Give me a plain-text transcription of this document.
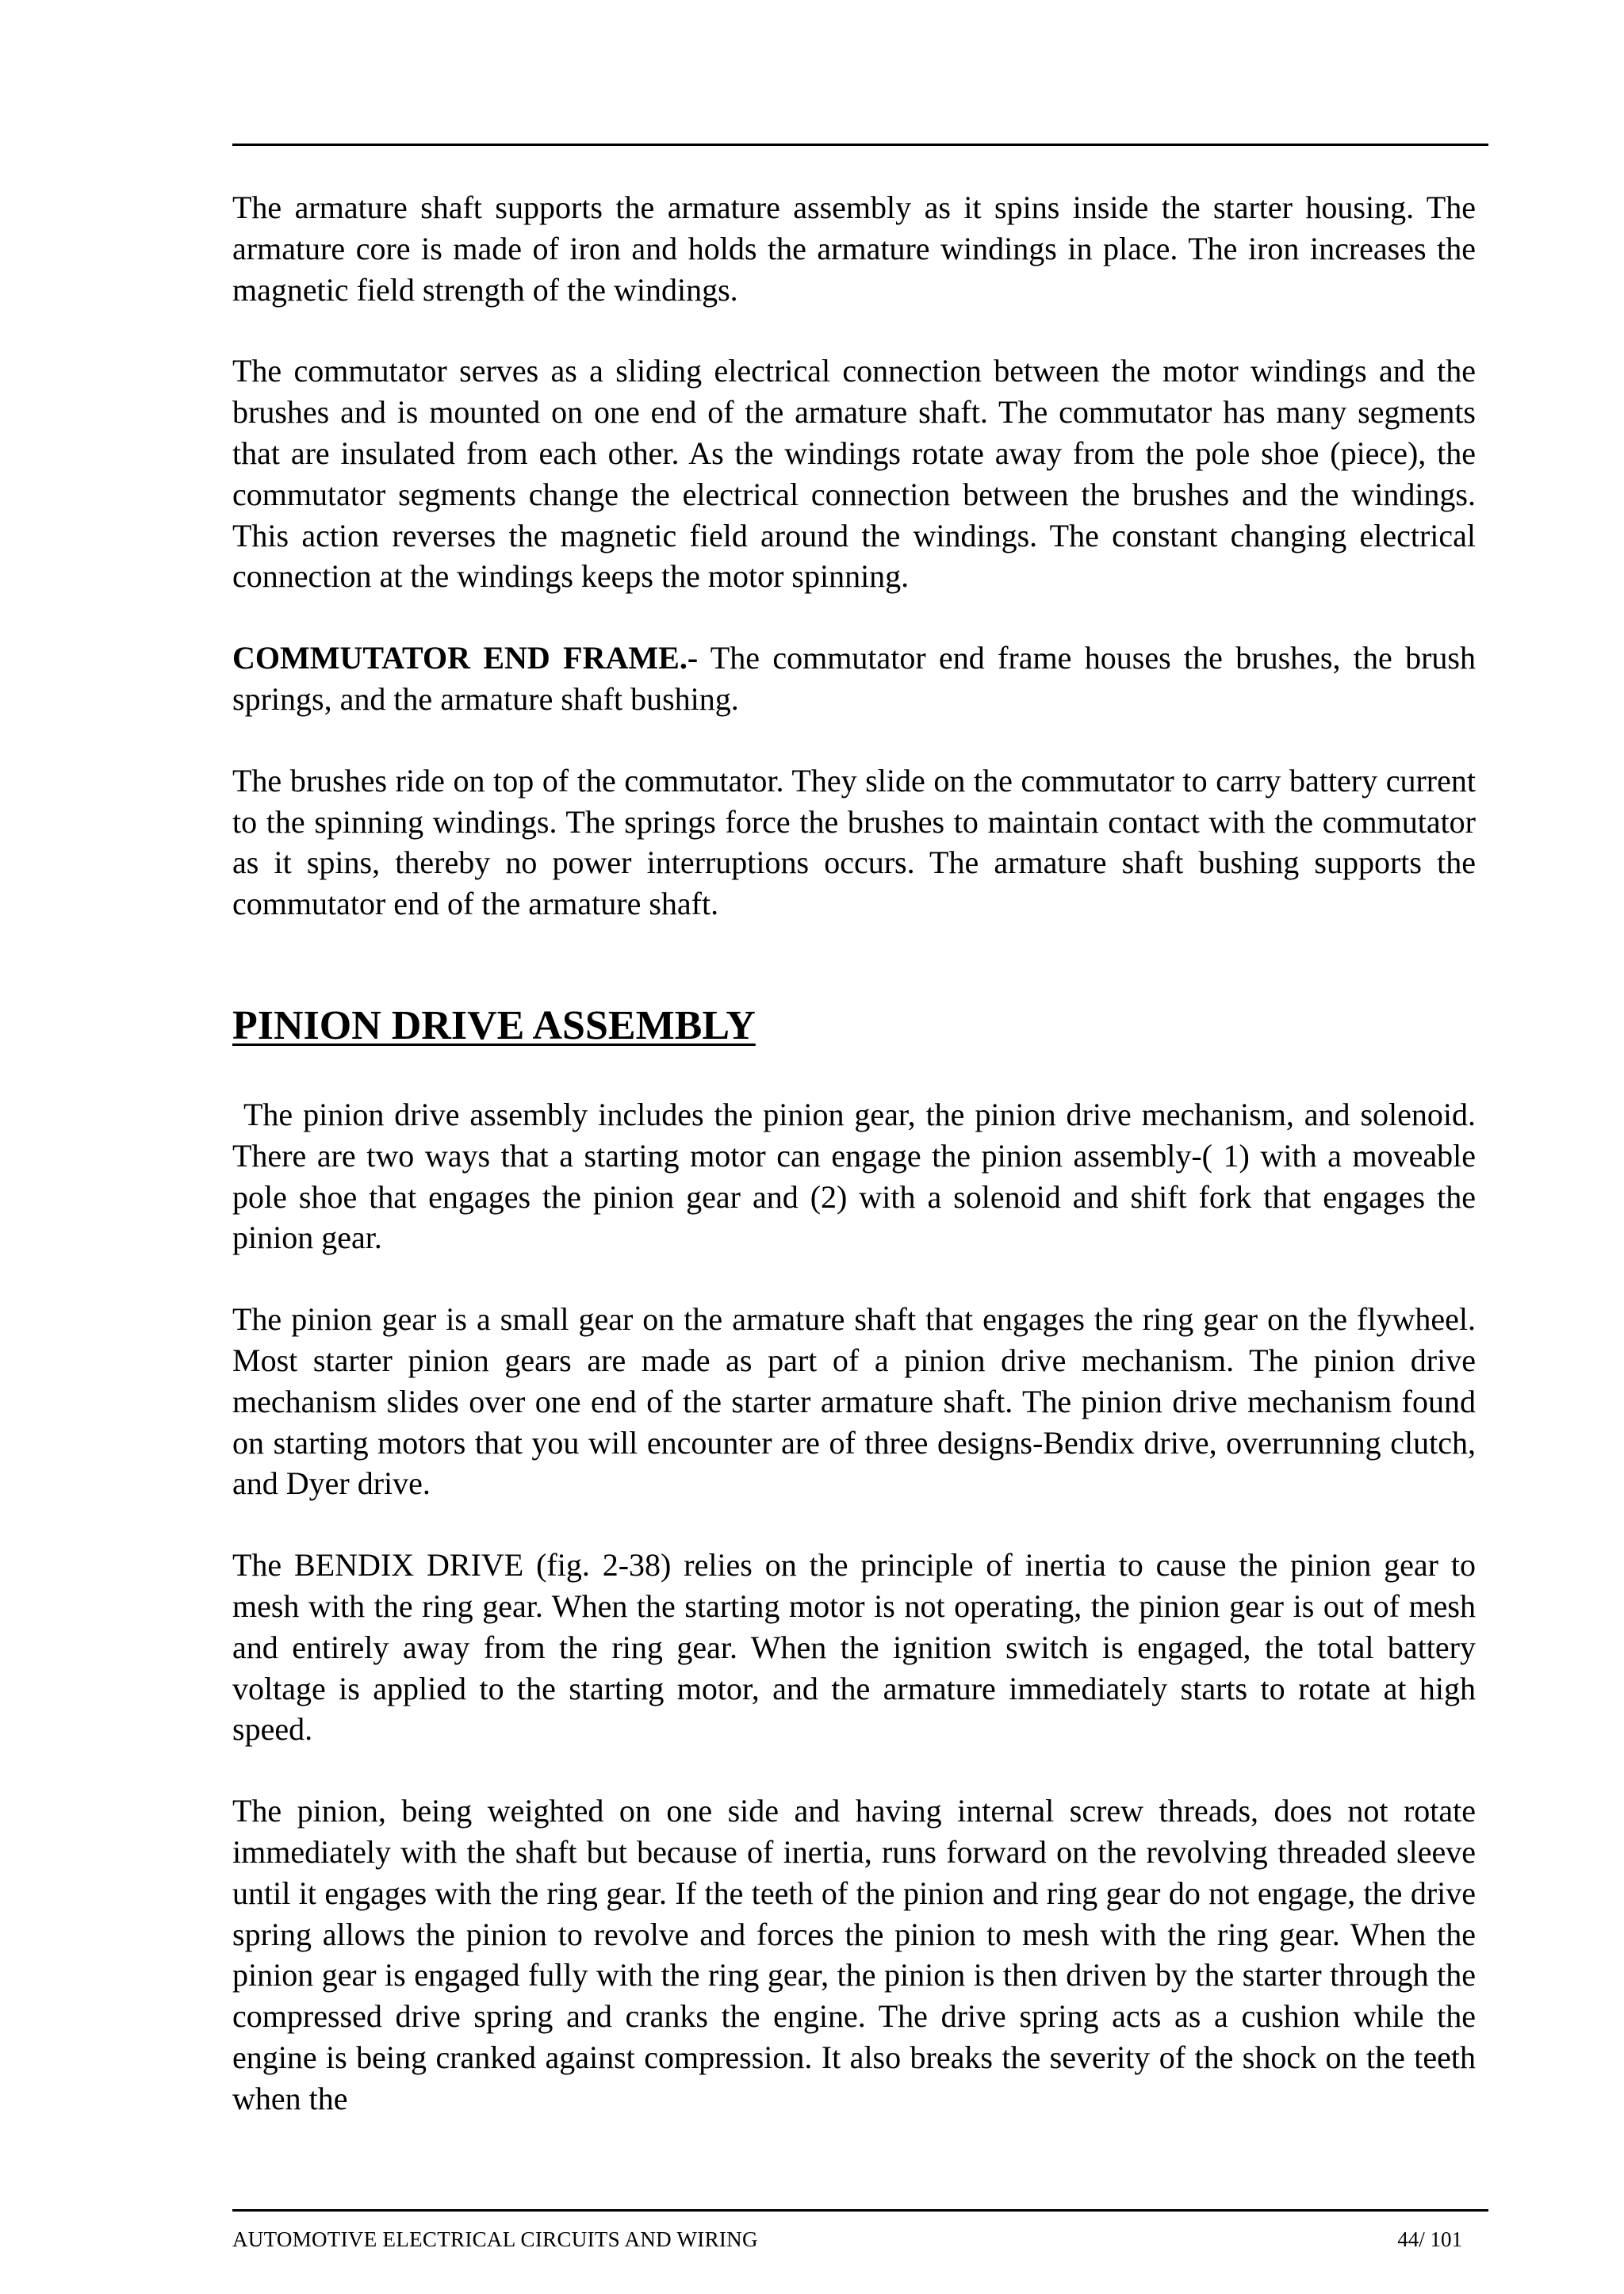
The armature shaft supports the armature assembly as it spins inside the starter housing. The armature core is made of iron and holds the armature windings in place. The iron increases the magnetic field strength of the windings.

The commutator serves as a sliding electrical connection between the motor windings and the brushes and is mounted on one end of the armature shaft. The commutator has many segments that are insulated from each other. As the windings rotate away from the pole shoe (piece), the commutator segments change the electrical connection between the brushes and the windings. This action reverses the magnetic field around the windings. The constant changing electrical connection at the windings keeps the motor spinning.

COMMUTATOR END FRAME.- The commutator end frame houses the brushes, the brush springs, and the armature shaft bushing.

The brushes ride on top of the commutator. They slide on the commutator to carry battery current to the spinning windings. The springs force the brushes to maintain contact with the commutator as it spins, thereby no power interruptions occurs. The armature shaft bushing supports the commutator end of the armature shaft.

PINION DRIVE ASSEMBLY

The pinion drive assembly includes the pinion gear, the pinion drive mechanism, and solenoid. There are two ways that a starting motor can engage the pinion assembly-( 1) with a moveable pole shoe that engages the pinion gear and (2) with a solenoid and shift fork that engages the pinion gear.

The pinion gear is a small gear on the armature shaft that engages the ring gear on the flywheel. Most starter pinion gears are made as part of a pinion drive mechanism. The pinion drive mechanism slides over one end of the starter armature shaft. The pinion drive mechanism found on starting motors that you will encounter are of three designs-Bendix drive, overrunning clutch, and Dyer drive.

The BENDIX DRIVE (fig. 2-38) relies on the principle of inertia to cause the pinion gear to mesh with the ring gear. When the starting motor is not operating, the pinion gear is out of mesh and entirely away from the ring gear. When the ignition switch is engaged, the total battery voltage is applied to the starting motor, and the armature immediately starts to rotate at high speed.

The pinion, being weighted on one side and having internal screw threads, does not rotate immediately with the shaft but because of inertia, runs forward on the revolving threaded sleeve until it engages with the ring gear. If the teeth of the pinion and ring gear do not engage, the drive spring allows the pinion to revolve and forces the pinion to mesh with the ring gear. When the pinion gear is engaged fully with the ring gear, the pinion is then driven by the starter through the compressed drive spring and cranks the engine. The drive spring acts as a cushion while the engine is being cranked against compression. It also breaks the severity of the shock on the teeth when the

AUTOMOTIVE ELECTRICAL CIRCUITS AND WIRING	44/ 101
